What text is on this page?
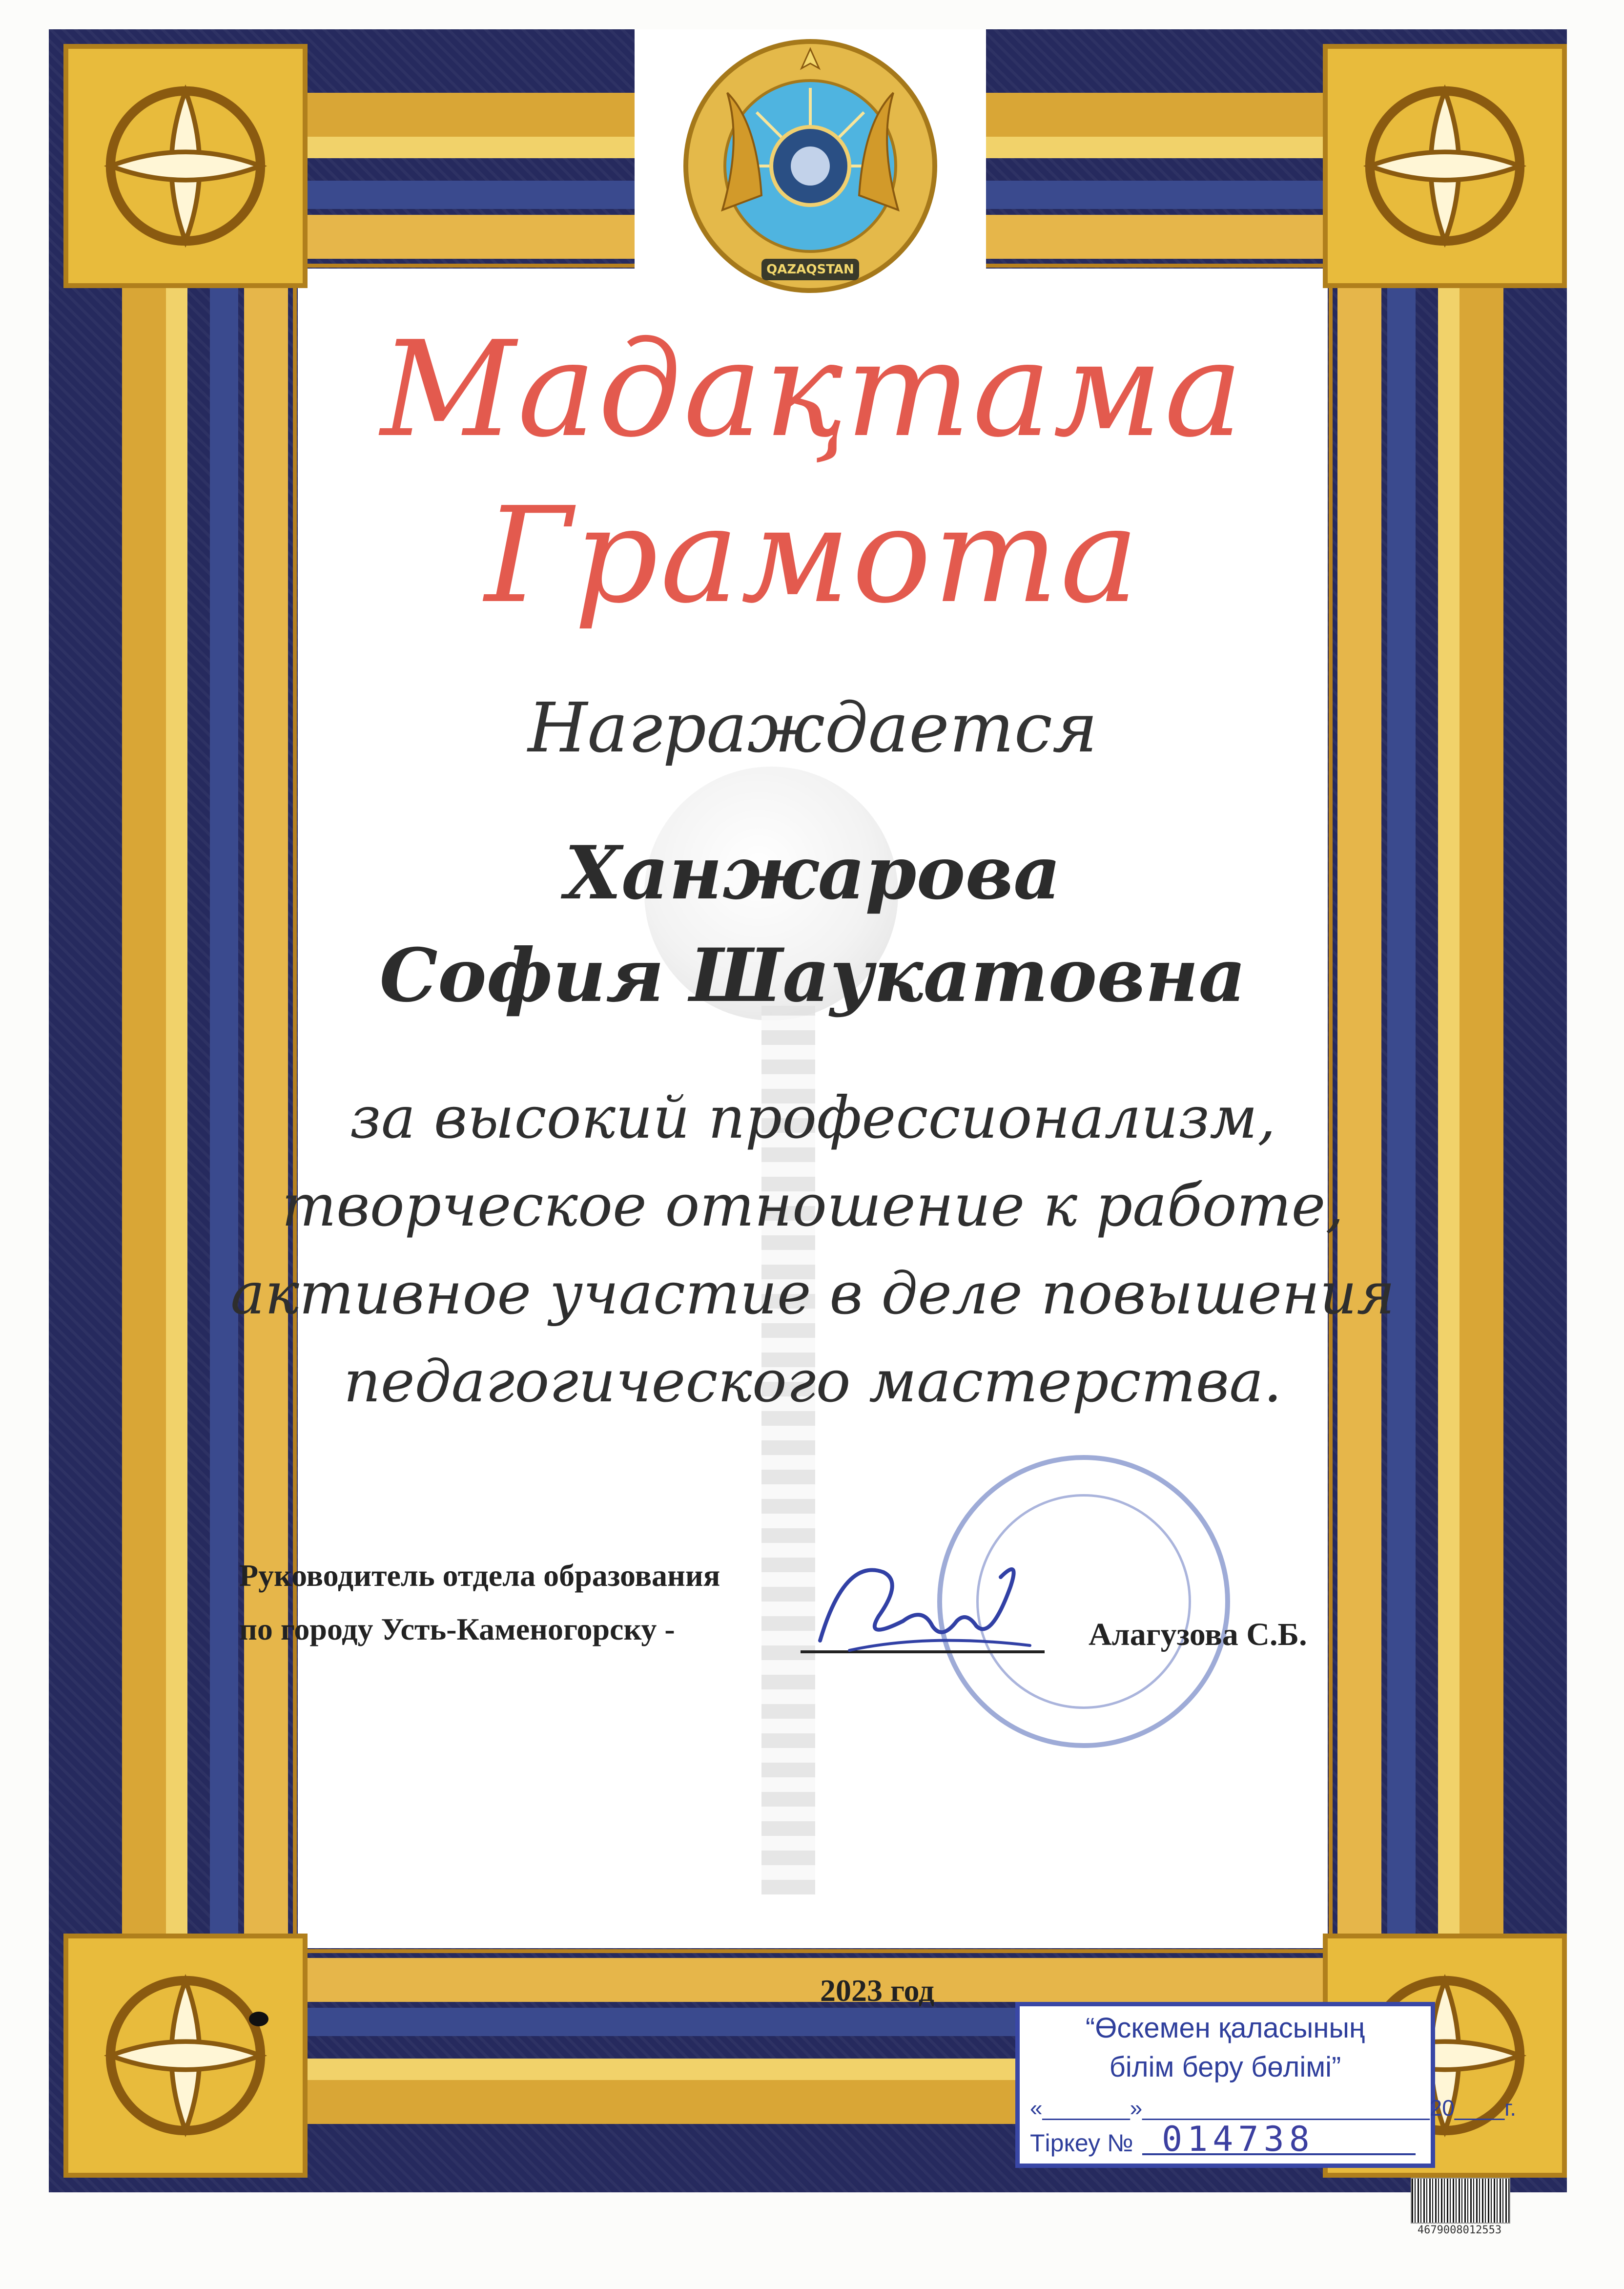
QAZAQSTAN
Мадақтама
Грамота
Награждается
Ханжарова
София Шаукатовна
за высокий профессионализм,
творческое отношение к работе,
активное участие в деле повышения
педагогического мастерства.
Руководитель отдела образования
по городу Усть-Каменогорску -	Алагузова С.Б.
2023 год
“Өскемен қаласының
білім беру бөлімі”
«_______»_______________________20____г.
Тіркеу № 014738
4679008012553
